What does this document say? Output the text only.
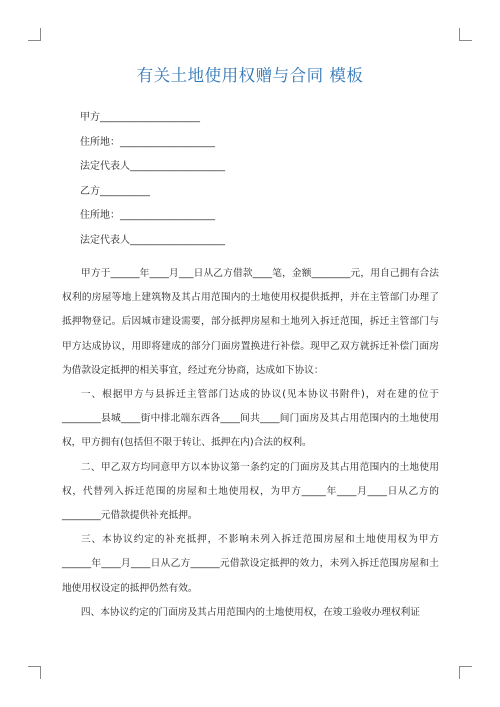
有关土地使用权赠与合同 模板
甲方____________________
住所地：___________________
法定代表人___________________
乙方__________
住所地：___________________
法定代表人___________________

甲方于______年____月___日从乙方借款____笔，金额________元，用自己拥有合法权利的房屋等地上建筑物及其占用范围内的土地使用权提供抵押，并在主管部门办理了抵押物登记。后因城市建设需要，部分抵押房屋和土地列入拆迁范围，拆迁主管部门与甲方达成协议，用即将建成的部分门面房置换进行补偿。现甲乙双方就拆迁补偿门面房为借款设定抵押的相关事宜，经过充分协商，达成如下协议：

一、根据甲方与县拆迁主管部门达成的协议(见本协议书附件)，对在建的位于________县城____街中排北端东西各____间共____间门面房及其占用范围内的土地使用权，甲方拥有(包括但不限于转让、抵押在内)合法的权利。

二、甲乙双方均同意甲方以本协议第一条约定的门面房及其占用范围内的土地使用权，代替列入拆迁范围的房屋和土地使用权，为甲方_____年____月____日从乙方的________元借款提供补充抵押。

三、本协议约定的补充抵押，不影响未列入拆迁范围房屋和土地使用权为甲方______年____月____日从乙方______元借款设定抵押的效力，未列入拆迁范围房屋和土地使用权设定的抵押仍然有效。

四、本协议约定的门面房及其占用范围内的土地使用权，在竣工验收办理权利证
